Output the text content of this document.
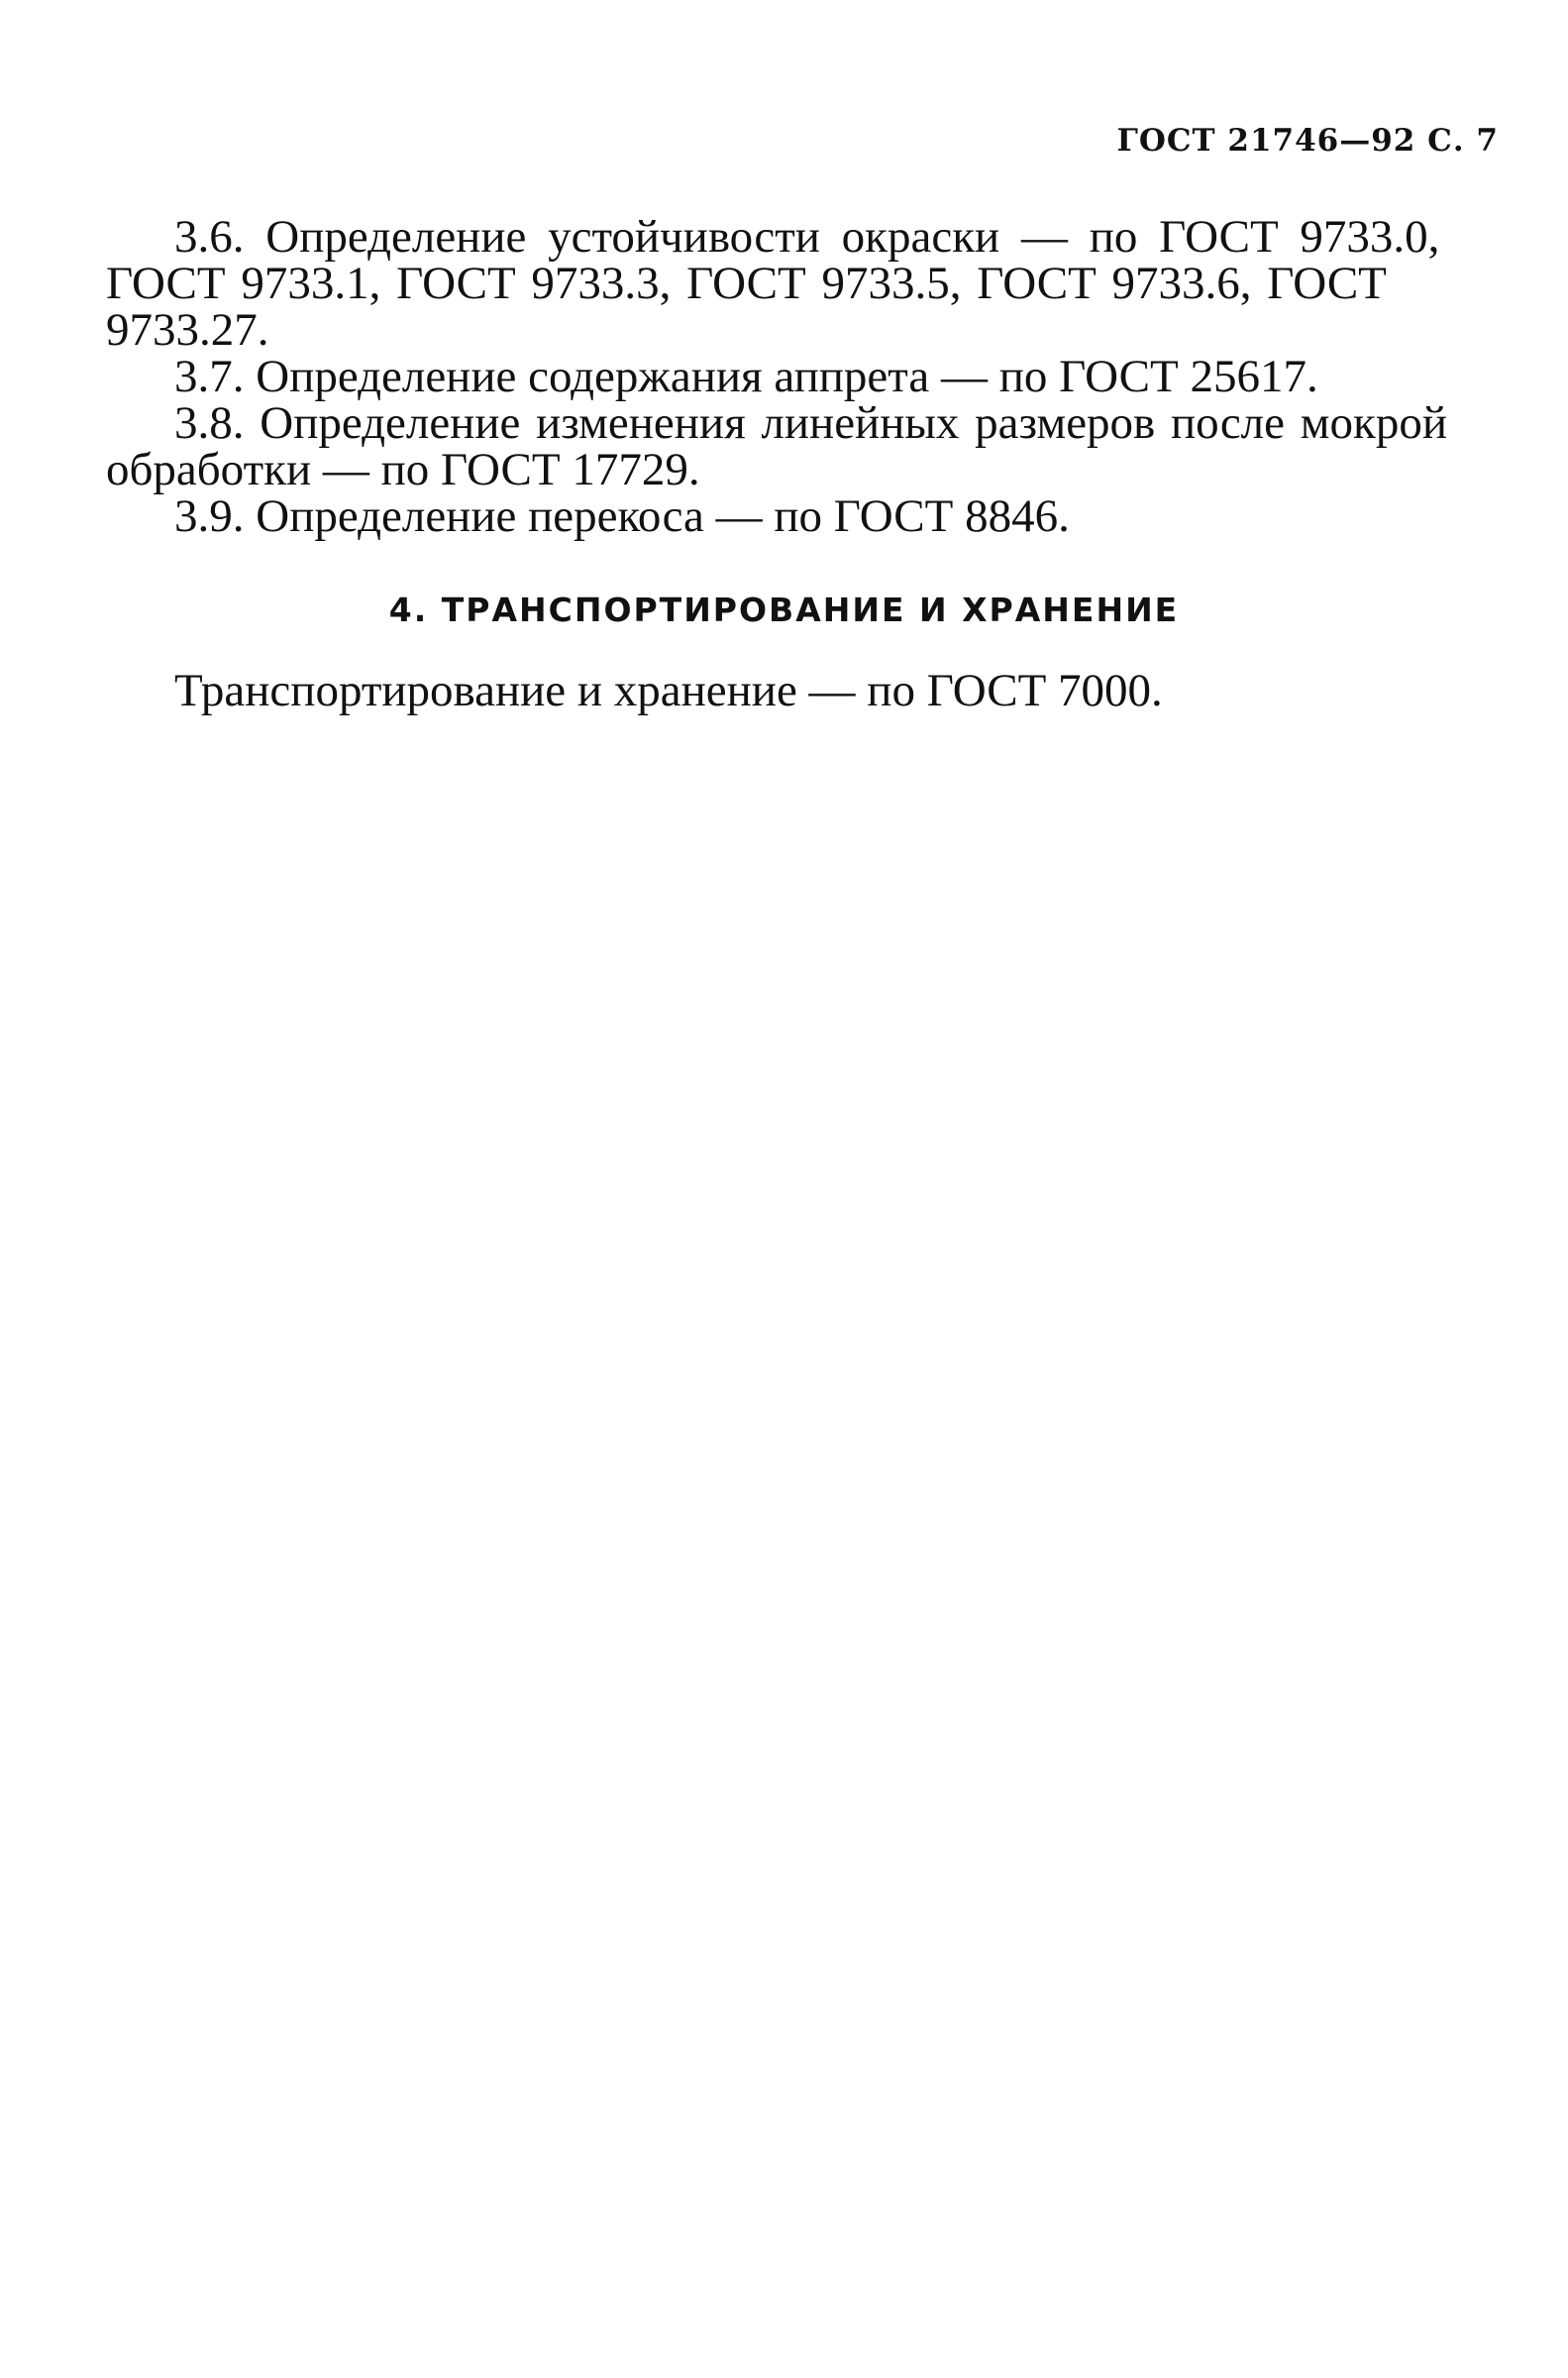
ГОСТ 21746—92 С. 7
3.6. Определение устойчивости окраски — по ГОСТ 9733.0,
ГОСТ 9733.1, ГОСТ 9733.3, ГОСТ 9733.5, ГОСТ 9733.6, ГОСТ
9733.27.
3.7. Определение содержания аппрета — по ГОСТ 25617.
3.8. Определение изменения линейных размеров после мокрой
обработки — по ГОСТ 17729.
3.9. Определение перекоса — по ГОСТ 8846.
4. ТРАНСПОРТИРОВАНИЕ И ХРАНЕНИЕ
Транспортирование и хранение — по ГОСТ 7000.
